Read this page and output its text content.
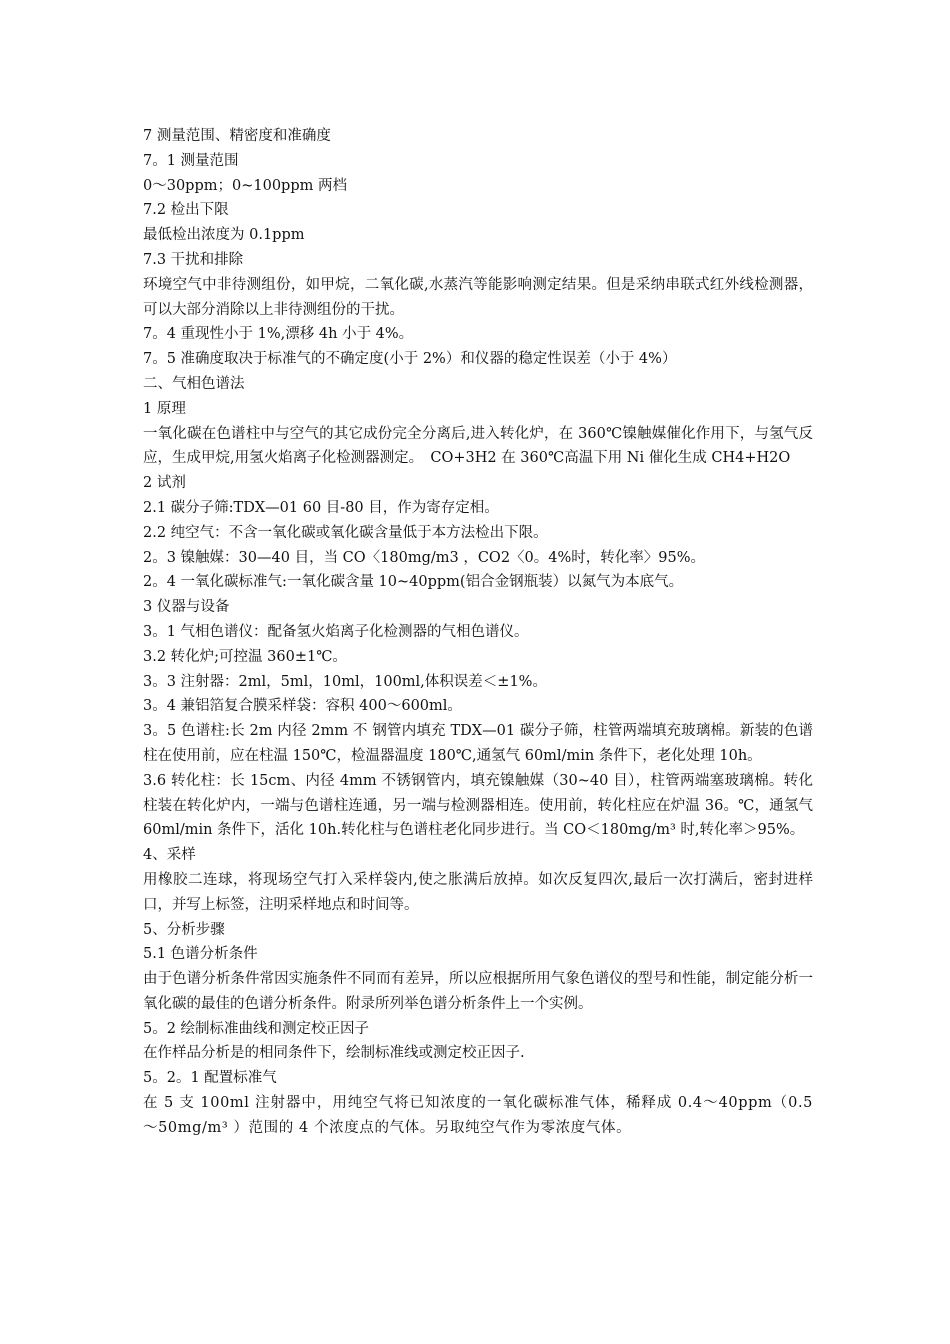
7 测量范围、精密度和准确度

7。1 测量范围

0～30ppm；0~100ppm 两档

7.2 检出下限

最低检出浓度为 0.1ppm

7.3 干扰和排除

环境空气中非待测组份，如甲烷，二氧化碳,水蒸汽等能影响测定结果。但是采纳串联式红外线检测器，可以大部分消除以上非待测组份的干扰。

7。4 重现性小于 1%,漂移 4h 小于 4%。

7。5 准确度取决于标准气的不确定度(小于 2%）和仪器的稳定性误差（小于 4%）

二、气相色谱法

1 原理

一氧化碳在色谱柱中与空气的其它成份完全分离后,进入转化炉，在 360℃镍触媒催化作用下，与氢气反应，生成甲烷,用氢火焰离子化检测器测定。　CO+3H2 在 360℃高温下用 Ni 催化生成 CH4+H2O

2 试剂

2.1 碳分子筛:TDX—01 60 目-80 目，作为寄存定相。

2.2 纯空气：不含一氧化碳或氧化碳含量低于本方法检出下限。

2。3 镍触媒：30—40 目，当 CO〈180mg/m3 ，CO2〈0。4%时，转化率〉95%。

2。4 一氧化碳标准气:一氧化碳含量 10~40ppm(铝合金钢瓶装）以氮气为本底气。

3 仪器与设备

3。1 气相色谱仪：配备氢火焰离子化检测器的气相色谱仪。

3.2 转化炉;可控温 360±1℃。

3。3 注射器：2ml，5ml，10ml，100ml,体积误差＜±1%。

3。4 兼铝箔复合膜采样袋：容积 400～600ml。

3。5 色谱柱:长 2m 内径 2mm 不 钢管内填充 TDX—01 碳分子筛，柱管两端填充玻璃棉。新装的色谱柱在使用前，应在柱温 150℃，检温器温度 180℃,通氢气 60ml/min 条件下，老化处理 10h。

3.6 转化柱：长 15cm、内径 4mm 不锈钢管内，填充镍触媒（30~40 目），柱管两端塞玻璃棉。转化柱装在转化炉内，一端与色谱柱连通，另一端与检测器相连。使用前，转化柱应在炉温 36。℃，通氢气 60ml/min 条件下，活化 10h.转化柱与色谱柱老化同步进行。当 CO＜180mg/m³ 时,转化率＞95%。

4、采样

用橡胶二连球，将现场空气打入采样袋内,使之胀满后放掉。如次反复四次,最后一次打满后，密封进样口，并写上标签，注明采样地点和时间等。

5、分析步骤

5.1 色谱分析条件

由于色谱分析条件常因实施条件不同而有差异，所以应根据所用气象色谱仪的型号和性能，制定能分析一氧化碳的最佳的色谱分析条件。附录所列举色谱分析条件上一个实例。

5。2 绘制标准曲线和测定校正因子

在作样品分析是的相同条件下，绘制标准线或测定校正因子.

5。2。1 配置标准气

在 5 支 100ml 注射器中，用纯空气将已知浓度的一氧化碳标准气体，稀释成 0.4～40ppm（0.5～50mg/m³ ）范围的 4 个浓度点的气体。另取纯空气作为零浓度气体。
